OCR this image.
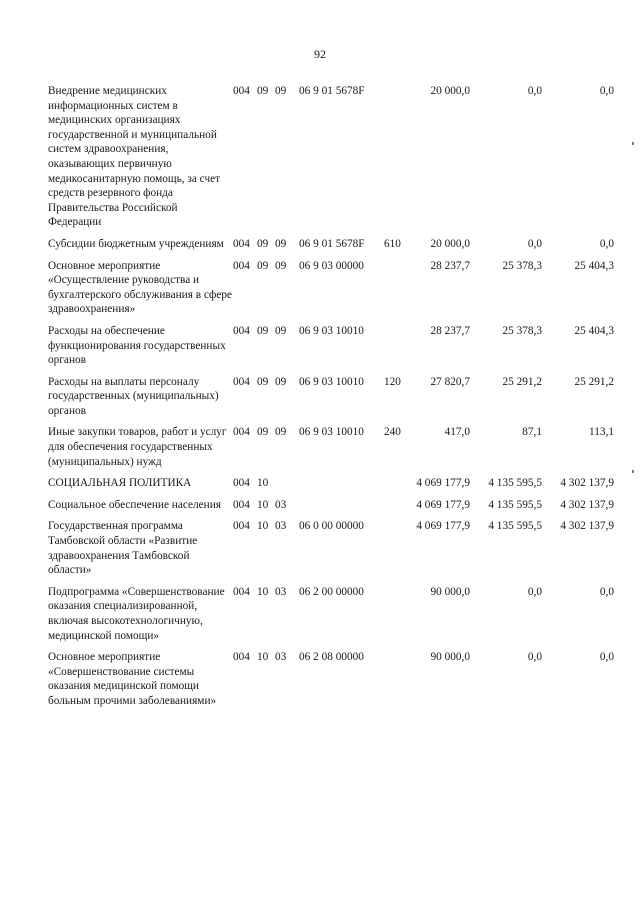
92
Внедрение медицинских информационных систем в медицинских организациях государственной и муниципальной систем здравоохранения, оказывающих первичную медикосанитарную помощь, за счет средств резервного фонда Правительства Российской Федерации	004 09 09 06 9 01 5678F	20 000,0	0,0	0,0

Субсидии бюджетным учреждениям	004 09 09 06 9 01 5678F 610	20 000,0	0,0	0,0

Основное мероприятие «Осуществление руководства и бухгалтерского обслуживания в сфере здравоохранения»	004 09 09 06 9 03 00000	28 237,7	25 378,3	25 404,3

Расходы на обеспечение функционирования государственных органов	004 09 09 06 9 03 10010	28 237,7	25 378,3	25 404,3

Расходы на выплаты персоналу государственных (муниципальных) органов	004 09 09 06 9 03 10010 120	27 820,7	25 291,2	25 291,2

Иные закупки товаров, работ и услуг для обеспечения государственных (муниципальных) нужд	004 09 09 06 9 03 10010 240	417,0	87,1	113,1

СОЦИАЛЬНАЯ ПОЛИТИКА	004 10	4 069 177,9	4 135 595,5	4 302 137,9

Социальное обеспечение населения	004 10 03	4 069 177,9	4 135 595,5	4 302 137,9

Государственная программа Тамбовской области «Развитие здравоохранения Тамбовской области»	004 10 03 06 0 00 00000	4 069 177,9	4 135 595,5	4 302 137,9

Подпрограмма «Совершенствование оказания специализированной, включая высокотехнологичную, медицинской помощи»	004 10 03 06 2 00 00000	90 000,0	0,0	0,0

Основное мероприятие «Совершенствование системы оказания медицинской помощи больным прочими заболеваниями»	004 10 03 06 2 08 00000	90 000,0	0,0	0,0
